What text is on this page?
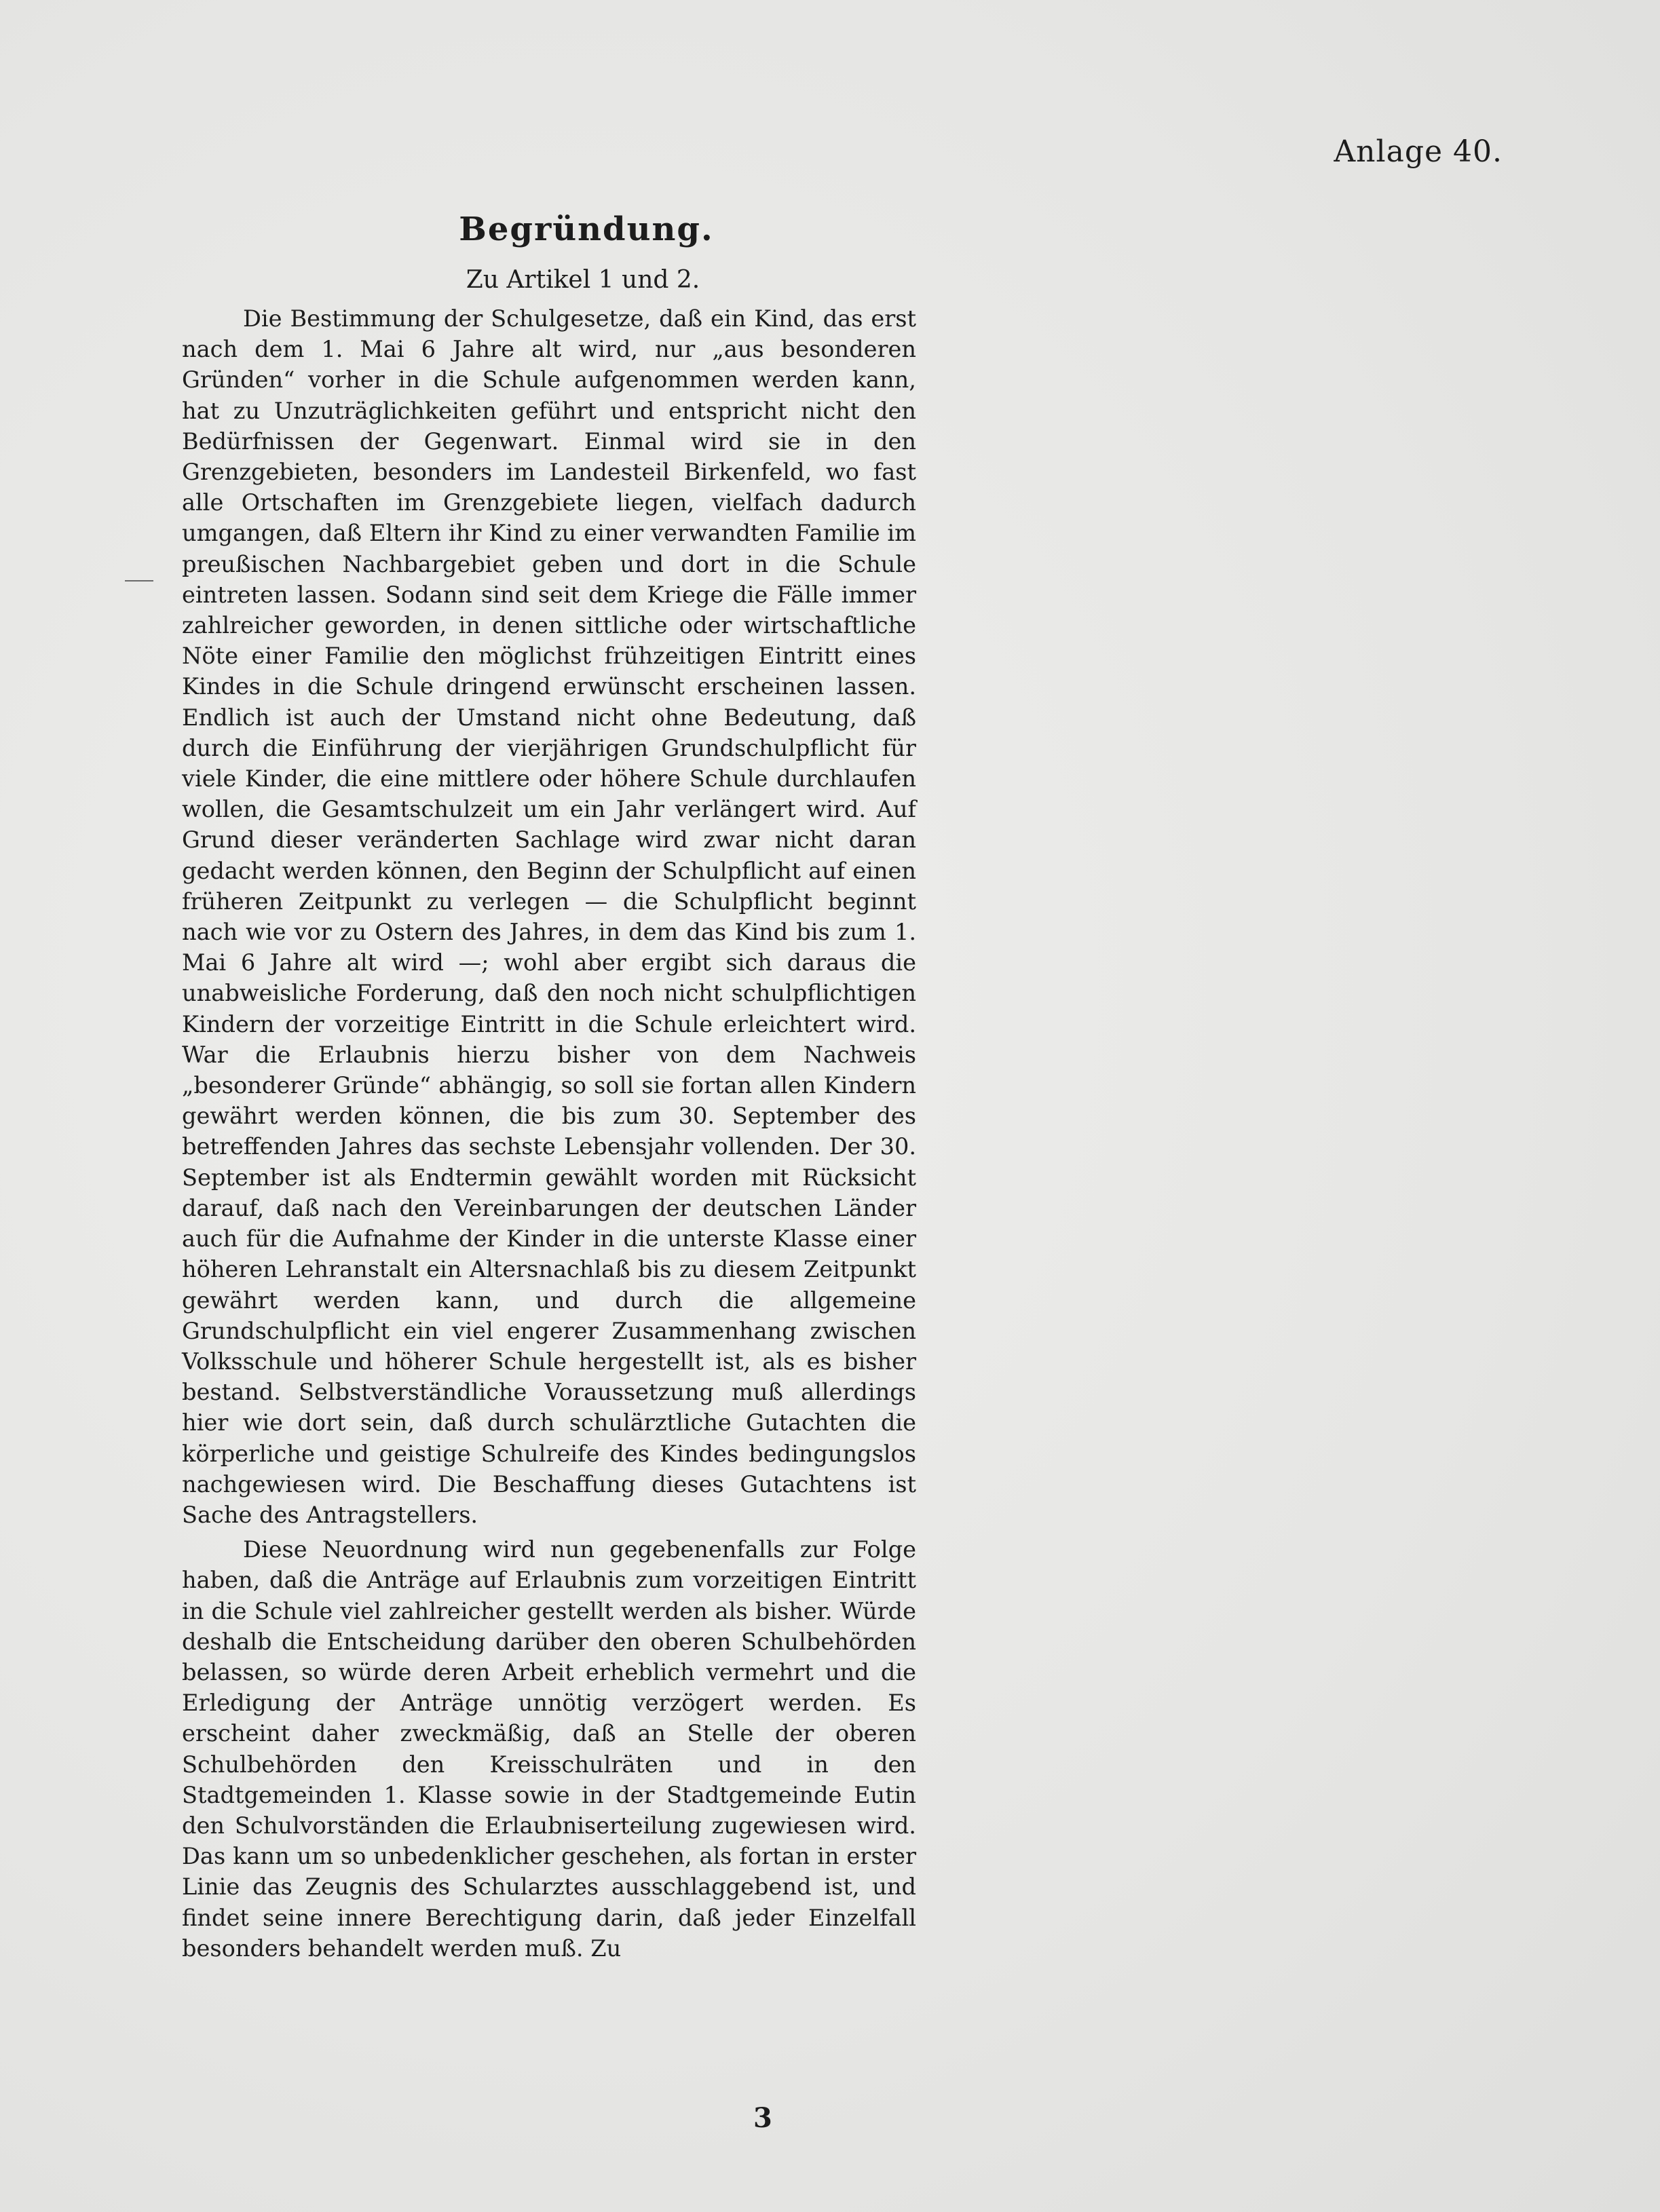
Anlage 40.
Begründung.
Zu Artikel 1 und 2.

Die Bestimmung der Schulgesetze, daß ein Kind, das erst nach dem 1. Mai 6 Jahre alt wird, nur „aus besonderen Gründen“ vorher in die Schule aufgenommen werden kann, hat zu Unzuträglichkeiten geführt und entspricht nicht den Bedürfnissen der Gegenwart. Einmal wird sie in den Grenzgebieten, besonders im Landesteil Birkenfeld, wo fast alle Ortschaften im Grenzgebiete liegen, vielfach dadurch umgangen, daß Eltern ihr Kind zu einer verwandten Familie im preußischen Nachbargebiet geben und dort in die Schule eintreten lassen. Sodann sind seit dem Kriege die Fälle immer zahlreicher geworden, in denen sittliche oder wirtschaftliche Nöte einer Familie den möglichst frühzeitigen Eintritt eines Kindes in die Schule dringend erwünscht erscheinen lassen. Endlich ist auch der Umstand nicht ohne Bedeutung, daß durch die Einführung der vierjährigen Grundschulpflicht für viele Kinder, die eine mittlere oder höhere Schule durchlaufen wollen, die Gesamtschulzeit um ein Jahr verlängert wird. Auf Grund dieser veränderten Sachlage wird zwar nicht daran gedacht werden können, den Beginn der Schulpflicht auf einen früheren Zeitpunkt zu verlegen — die Schulpflicht beginnt nach wie vor zu Ostern des Jahres, in dem das Kind bis zum 1. Mai 6 Jahre alt wird —; wohl aber ergibt sich daraus die unabweisliche Forderung, daß den noch nicht schulpflichtigen Kindern der vorzeitige Eintritt in die Schule erleichtert wird. War die Erlaubnis hierzu bisher von dem Nachweis „besonderer Gründe“ abhängig, so soll sie fortan allen Kindern gewährt werden können, die bis zum 30. September des betreffenden Jahres das sechste Lebensjahr vollenden. Der 30. September ist als Endtermin gewählt worden mit Rücksicht darauf, daß nach den Vereinbarungen der deutschen Länder auch für die Aufnahme der Kinder in die unterste Klasse einer höheren Lehranstalt ein Altersnachlaß bis zu diesem Zeitpunkt gewährt werden kann, und durch die allgemeine Grundschulpflicht ein viel engerer Zusammenhang zwischen Volksschule und höherer Schule hergestellt ist, als es bisher bestand. Selbstverständliche Voraussetzung muß allerdings hier wie dort sein, daß durch schulärztliche Gutachten die körperliche und geistige Schulreife des Kindes bedingungslos nachgewiesen wird. Die Beschaffung dieses Gutachtens ist Sache des Antragstellers.

Diese Neuordnung wird nun gegebenenfalls zur Folge haben, daß die Anträge auf Erlaubnis zum vorzeitigen Eintritt in die Schule viel zahlreicher gestellt werden als bisher. Würde deshalb die Entscheidung darüber den oberen Schulbehörden belassen, so würde deren Arbeit erheblich vermehrt und die Erledigung der Anträge unnötig verzögert werden. Es erscheint daher zweckmäßig, daß an Stelle der oberen Schulbehörden den Kreisschulräten und in den Stadtgemeinden 1. Klasse sowie in der Stadtgemeinde Eutin den Schulvorständen die Erlaubniserteilung zugewiesen wird. Das kann um so unbedenklicher geschehen, als fortan in erster Linie das Zeugnis des Schularztes ausschlaggebend ist, und findet seine innere Berechtigung darin, daß jeder Einzelfall besonders behandelt werden muß. Zu

3
